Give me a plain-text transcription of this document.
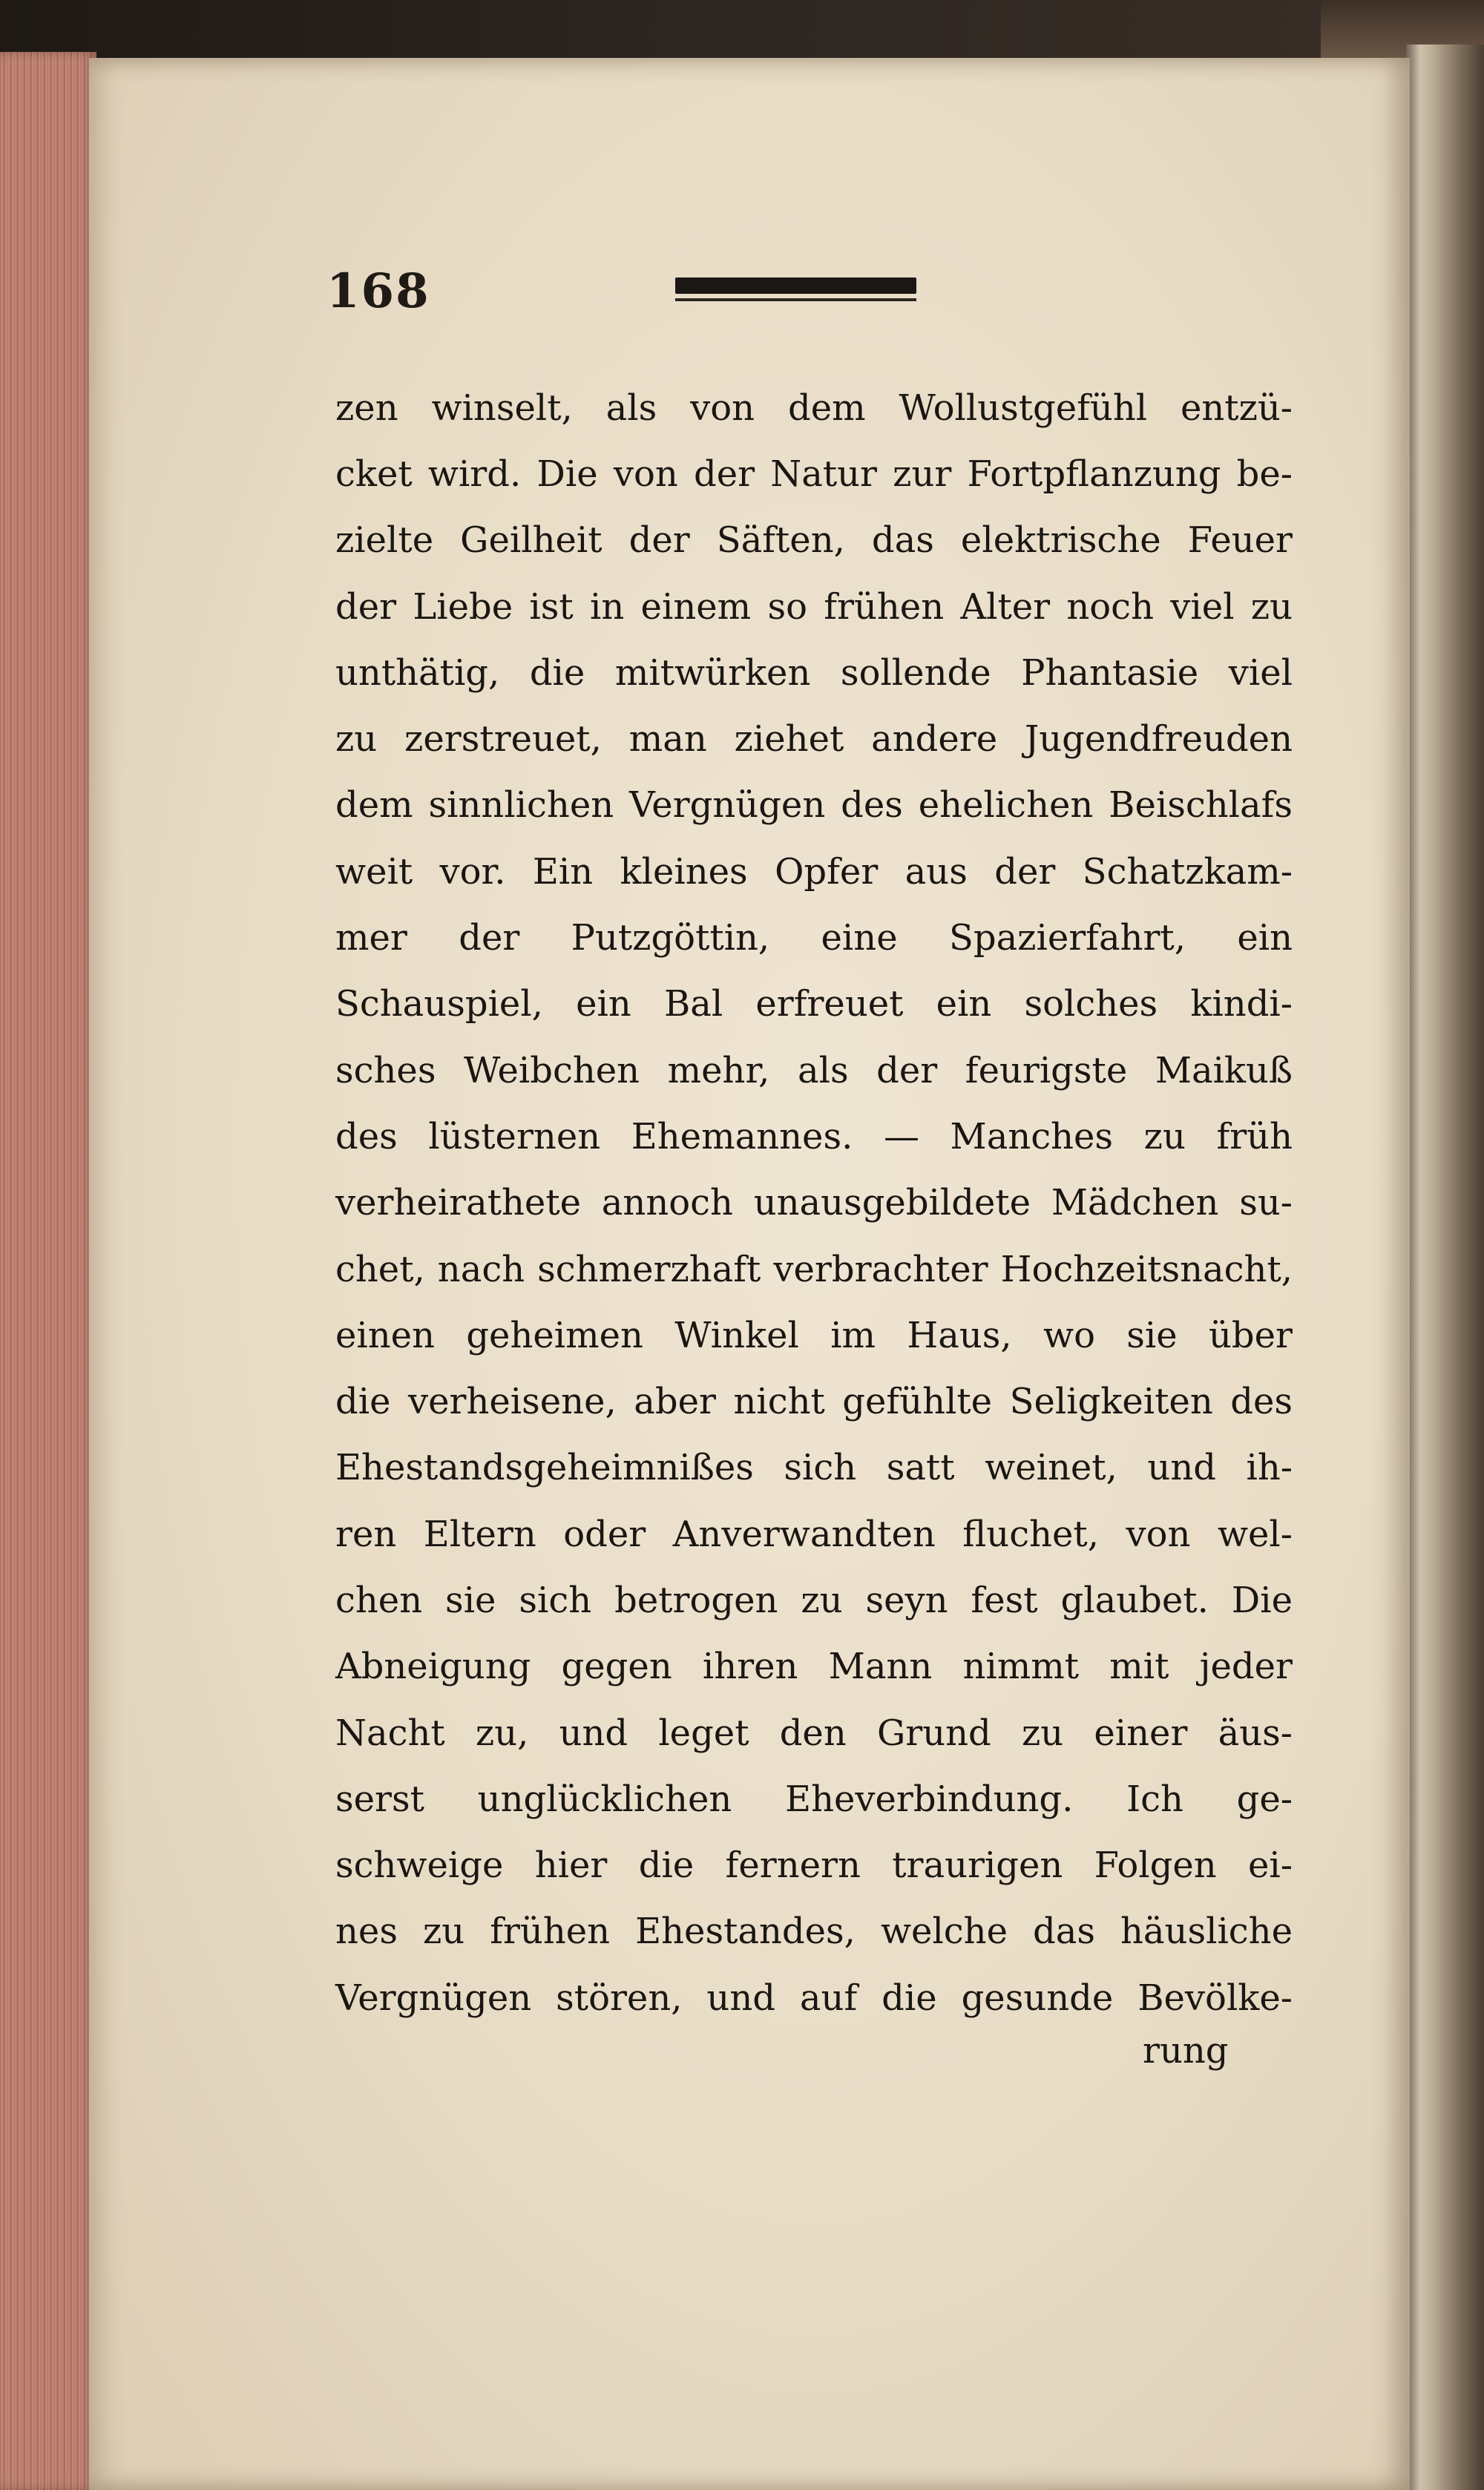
168
zen winselt, als von dem Wollustgefühl entzü-
cket wird. Die von der Natur zur Fortpflanzung be-
zielte Geilheit der Säften, das elektrische Feuer
der Liebe ist in einem so frühen Alter noch viel zu
unthätig, die mitwürken sollende Phantasie viel
zu zerstreuet, man ziehet andere Jugendfreuden
dem sinnlichen Vergnügen des ehelichen Beischlafs
weit vor. Ein kleines Opfer aus der Schatzkam-
mer der Putzgöttin, eine Spazierfahrt, ein
Schauspiel, ein Bal erfreuet ein solches kindi-
sches Weibchen mehr, als der feurigste Maikuß
des lüsternen Ehemannes. — Manches zu früh
verheirathete annoch unausgebildete Mädchen su-
chet, nach schmerzhaft verbrachter Hochzeitsnacht,
einen geheimen Winkel im Haus, wo sie über
die verheisene, aber nicht gefühlte Seligkeiten des
Ehestandsgeheimnißes sich satt weinet, und ih-
ren Eltern oder Anverwandten fluchet, von wel-
chen sie sich betrogen zu seyn fest glaubet. Die
Abneigung gegen ihren Mann nimmt mit jeder
Nacht zu, und leget den Grund zu einer äus-
serst unglücklichen Eheverbindung. Ich ge-
schweige hier die fernern traurigen Folgen ei-
nes zu frühen Ehestandes, welche das häusliche
Vergnügen stören, und auf die gesunde Bevölke-
rung
